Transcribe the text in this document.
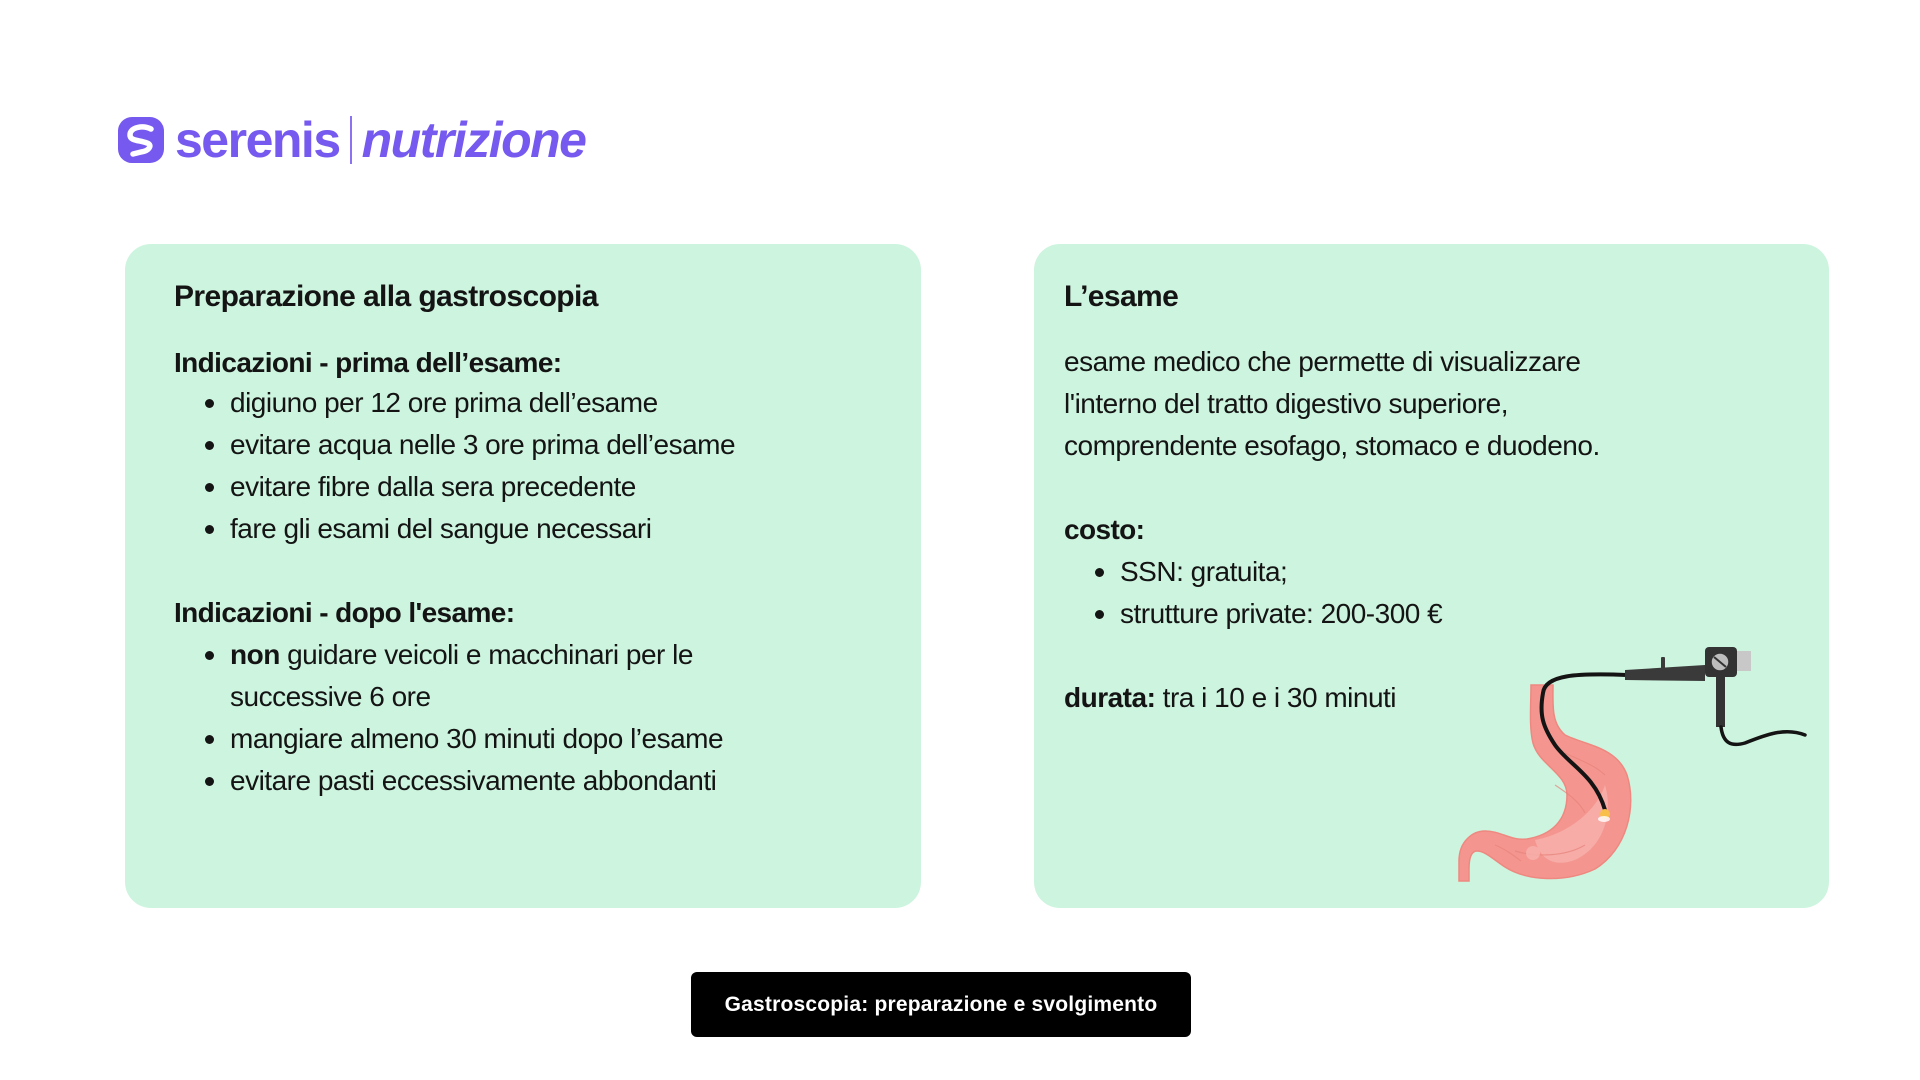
serenis nutrizione
Preparazione alla gastroscopia
Indicazioni - prima dell’esame:
digiuno per 12 ore prima dell’esame
evitare acqua nelle 3 ore prima dell’esame
evitare fibre dalla sera precedente
fare gli esami del sangue necessari
Indicazioni - dopo l'esame:
non guidare veicoli e macchinari per le
successive 6 ore
mangiare almeno 30 minuti dopo l’esame
evitare pasti eccessivamente abbondanti
L’esame
esame medico che permette di visualizzare
l'interno del tratto digestivo superiore,
comprendente esofago, stomaco e duodeno.
costo:
SSN: gratuita;
strutture private: 200-300 €
durata: tra i 10 e i 30 minuti
Gastroscopia: preparazione e svolgimento
